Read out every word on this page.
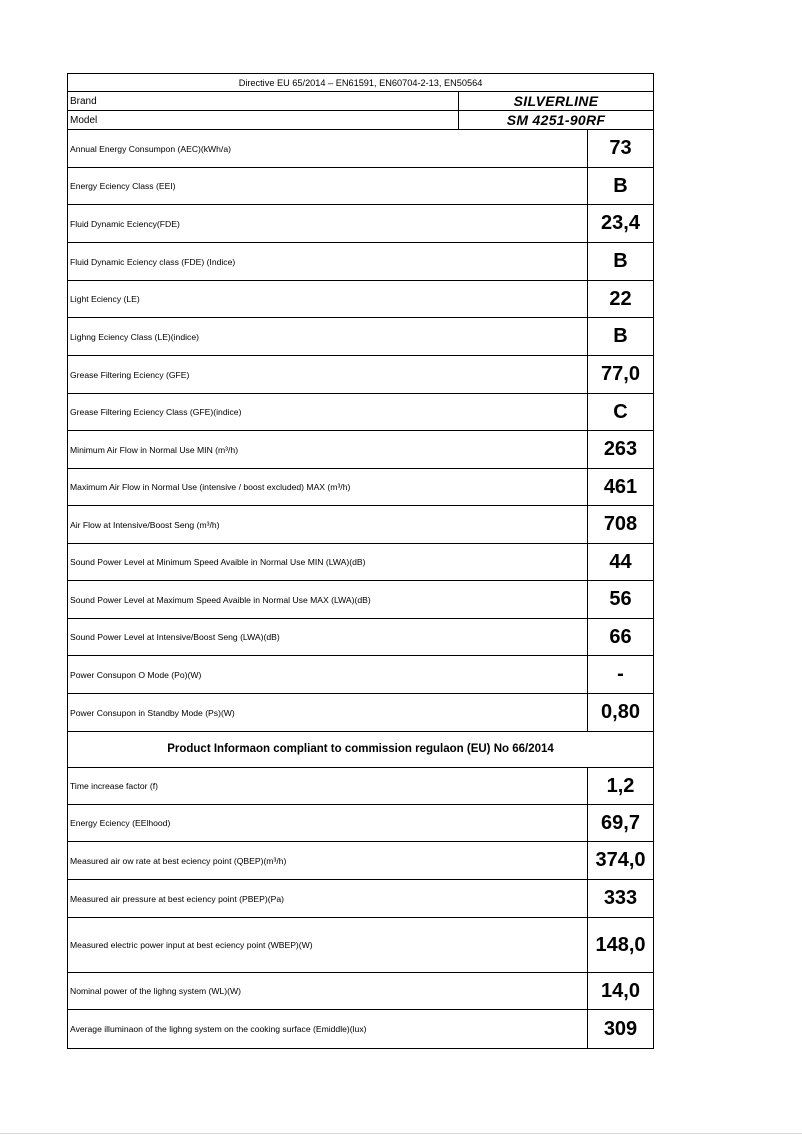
Directive EU 65/2014 – EN61591, EN60704-2-13, EN50564
Brand	SILVERLINE
Model	SM 4251-90RF
Annual Energy Consumpon (AEC)(kWh/a)	73
Energy Eciency Class (EEI)	B
Fluid Dynamic Eciency(FDE)	23,4
Fluid Dynamic Eciency class (FDE) (Indice)	B
Light Eciency (LE)	22
Lighng Eciency Class (LE)(indice)	B
Grease Filtering Eciency (GFE)	77,0
Grease Filtering Eciency Class (GFE)(indice)	C
Minimum Air Flow in Normal Use MIN (m³/h)	263
Maximum Air Flow in Normal Use (intensive / boost excluded) MAX (m³/h)	461
Air Flow at Intensive/Boost Seng (m³/h)	708
Sound Power Level at Minimum Speed Avaible in Normal Use MIN (LWA)(dB)	44
Sound Power Level at Maximum Speed Avaible in Normal Use MAX (LWA)(dB)	56
Sound Power Level at Intensive/Boost Seng (LWA)(dB)	66
Power Consupon O Mode (Po)(W)	-
Power Consupon in Standby Mode (Ps)(W)	0,80
Product Informaon compliant to commission regulaon (EU) No 66/2014
Time increase factor (f)	1,2
Energy Eciency (EElhood)	69,7
Measured air ow rate at best eciency point (QBEP)(m³/h)	374,0
Measured air pressure at best eciency point (PBEP)(Pa)	333
Measured electric power input at best eciency point (WBEP)(W)	148,0
Nominal power of the lighng system (WL)(W)	14,0
Average illuminaon of the lighng system on the cooking surface (Emiddle)(lux)	309
